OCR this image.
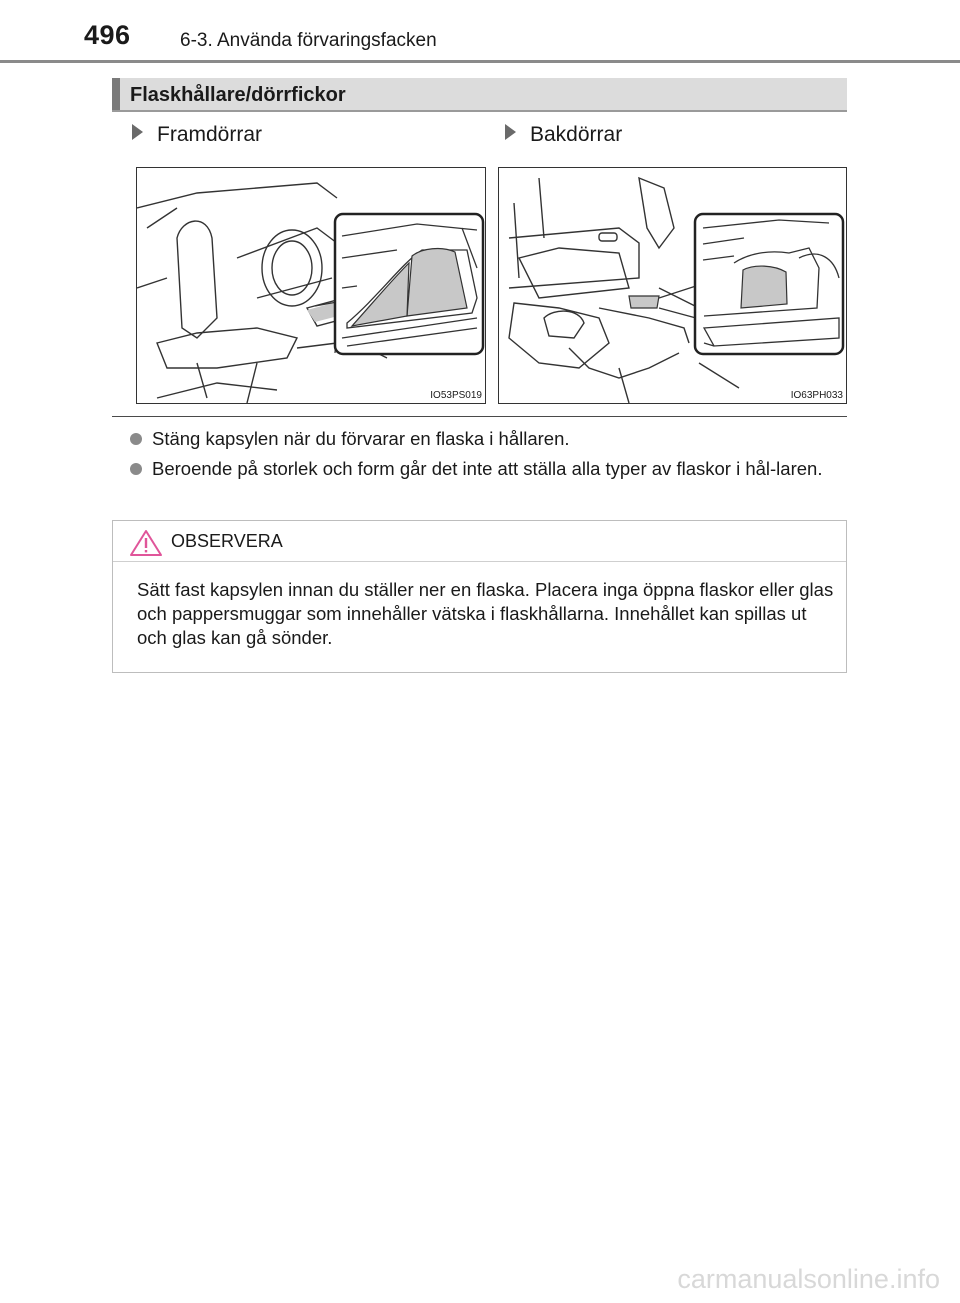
496	6-3. Använda förvaringsfacken
Flaskhållare/dörrfickor
Framdörrar	Bakdörrar
IO53PS019	IO63PH033
Stäng kapsylen när du förvarar en flaska i hållaren.
Beroende på storlek och form går det inte att ställa alla typer av flaskor i hål-laren.
OBSERVERA
Sätt fast kapsylen innan du ställer ner en flaska. Placera inga öppna flaskor eller glas och pappersmuggar som innehåller vätska i flaskhållarna. Innehållet kan spillas ut och glas kan gå sönder.
carmanualsonline.info
